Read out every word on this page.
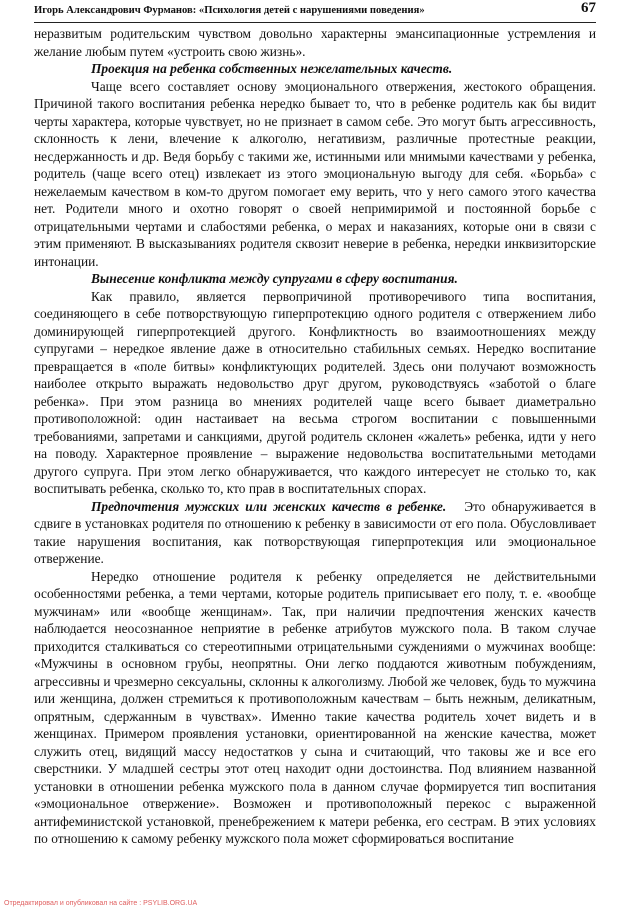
Игорь Александрович Фурманов: «Психология детей с нарушениями поведения»	67

неразвитым родительским чувством довольно характерны эмансипационные устремления и желание любым путем «устроить свою жизнь».

Проекция на ребенка собственных нежелательных качеств.

Чаще всего составляет основу эмоционального отвержения, жестокого обращения. Причиной такого воспитания ребенка нередко бывает то, что в ребенке родитель как бы видит черты характера, которые чувствует, но не признает в самом себе. Это могут быть агрессивность, склонность к лени, влечение к алкоголю, негативизм, различные протестные реакции, несдержанность и др. Ведя борьбу с такими же, истинными или мнимыми качествами у ребенка, родитель (чаще всего отец) извлекает из этого эмоциональную выгоду для себя. «Борьба» с нежелаемым качеством в ком-то другом помогает ему верить, что у него самого этого качества нет. Родители много и охотно говорят о своей непримиримой и постоянной борьбе с отрицательными чертами и слабостями ребенка, о мерах и наказаниях, которые они в связи с этим применяют. В высказываниях родителя сквозит неверие в ребенка, нередки инквизиторские интонации.

Вынесение конфликта между супругами в сферу воспитания.

Как правило, является первопричиной противоречивого типа воспитания, соединяющего в себе потворствующую гиперпротекцию одного родителя с отвержением либо доминирующей гиперпротекцией другого. Конфликтность во взаимоотношениях между супругами – нередкое явление даже в относительно стабильных семьях. Нередко воспитание превращается в «поле битвы» конфликтующих родителей. Здесь они получают возможность наиболее открыто выражать недовольство друг другом, руководствуясь «заботой о благе ребенка». При этом разница во мнениях родителей чаще всего бывает диаметрально противоположной: один настаивает на весьма строгом воспитании с повышенными требованиями, запретами и санкциями, другой родитель склонен «жалеть» ребенка, идти у него на поводу. Характерное проявление – выражение недовольства воспитательными методами другого супруга. При этом легко обнаруживается, что каждого интересует не столько то, как воспитывать ребенка, сколько то, кто прав в воспитательных спорах.

Предпочтения мужских или женских качеств в ребенке. Это обнаруживается в сдвиге в установках родителя по отношению к ребенку в зависимости от его пола. Обусловливает такие нарушения воспитания, как потворствующая гиперпротекция или эмоциональное отвержение.

Нередко отношение родителя к ребенку определяется не действительными особенностями ребенка, а теми чертами, которые родитель приписывает его полу, т. е. «вообще мужчинам» или «вообще женщинам». Так, при наличии предпочтения женских качеств наблюдается неосознанное неприятие в ребенке атрибутов мужского пола. В таком случае приходится сталкиваться со стереотипными отрицательными суждениями о мужчинах вообще: «Мужчины в основном грубы, неопрятны. Они легко поддаются животным побуждениям, агрессивны и чрезмерно сексуальны, склонны к алкоголизму. Любой же человек, будь то мужчина или женщина, должен стремиться к противоположным качествам – быть нежным, деликатным, опрятным, сдержанным в чувствах». Именно такие качества родитель хочет видеть и в женщинах. Примером проявления установки, ориентированной на женские качества, может служить отец, видящий массу недостатков у сына и считающий, что таковы же и все его сверстники. У младшей сестры этот отец находит одни достоинства. Под влиянием названной установки в отношении ребенка мужского пола в данном случае формируется тип воспитания «эмоциональное отвержение». Возможен и противоположный перекос с выраженной антифеминистской установкой, пренебрежением к матери ребенка, его сестрам. В этих условиях по отношению к самому ребенку мужского пола может сформироваться воспитание

Отредактировал и опубликовал на сайте : PSYLIB.ORG.UA
